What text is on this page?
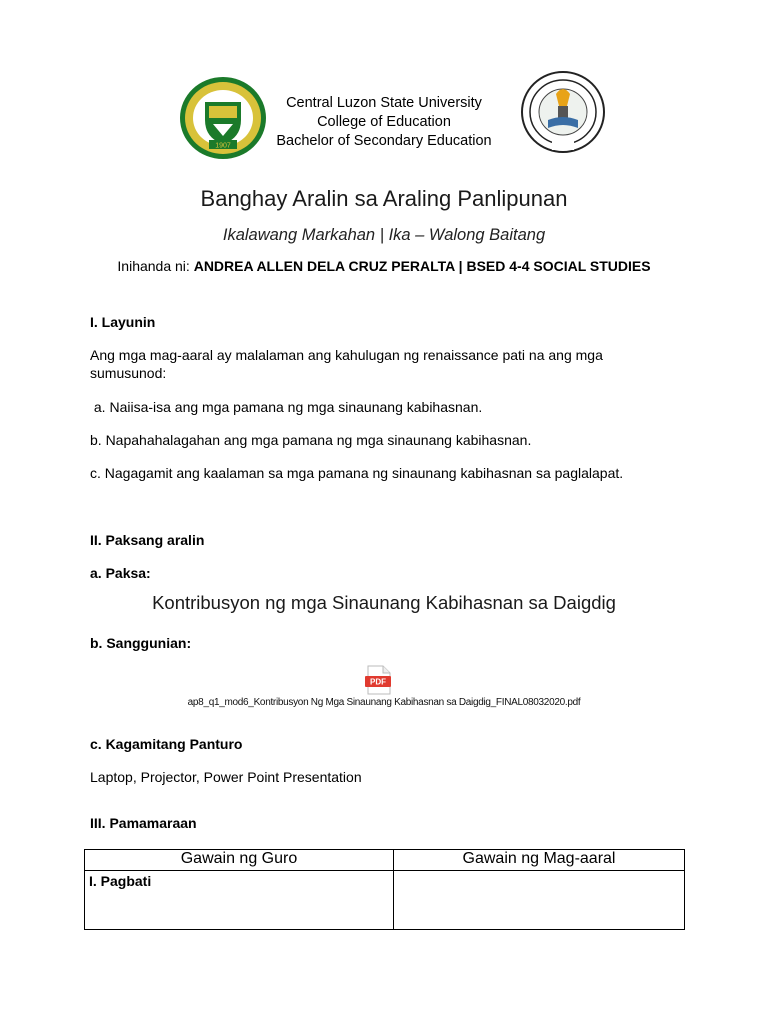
1907
Central Luzon State University
College of Education
Bachelor of Secondary Education
Banghay Aralin sa Araling Panlipunan
Ikalawang Markahan | Ika – Walong Baitang
Inihanda ni: ANDREA ALLEN DELA CRUZ PERALTA | BSED 4-4 SOCIAL STUDIES
I. Layunin
Ang mga mag-aaral ay malalaman ang kahulugan ng renaissance pati na ang mga
sumusunod:
a. Naiisa-isa ang mga pamana ng mga sinaunang kabihasnan.
b. Napahahalagahan ang mga pamana ng mga sinaunang kabihasnan.
c. Nagagamit ang kaalaman sa mga pamana ng sinaunang kabihasnan sa paglalapat.
II. Paksang aralin
a. Paksa:
Kontribusyon ng mga Sinaunang Kabihasnan sa Daigdig
b. Sanggunian:
PDF
ap8_q1_mod6_Kontribusyon Ng Mga Sinaunang Kabihasnan sa Daigdig_FINAL08032020.pdf
c. Kagamitang Panturo
Laptop, Projector, Power Point Presentation
III. Pamamaraan
Gawain ng Guro	Gawain ng Mag-aaral
I. Pagbati	
